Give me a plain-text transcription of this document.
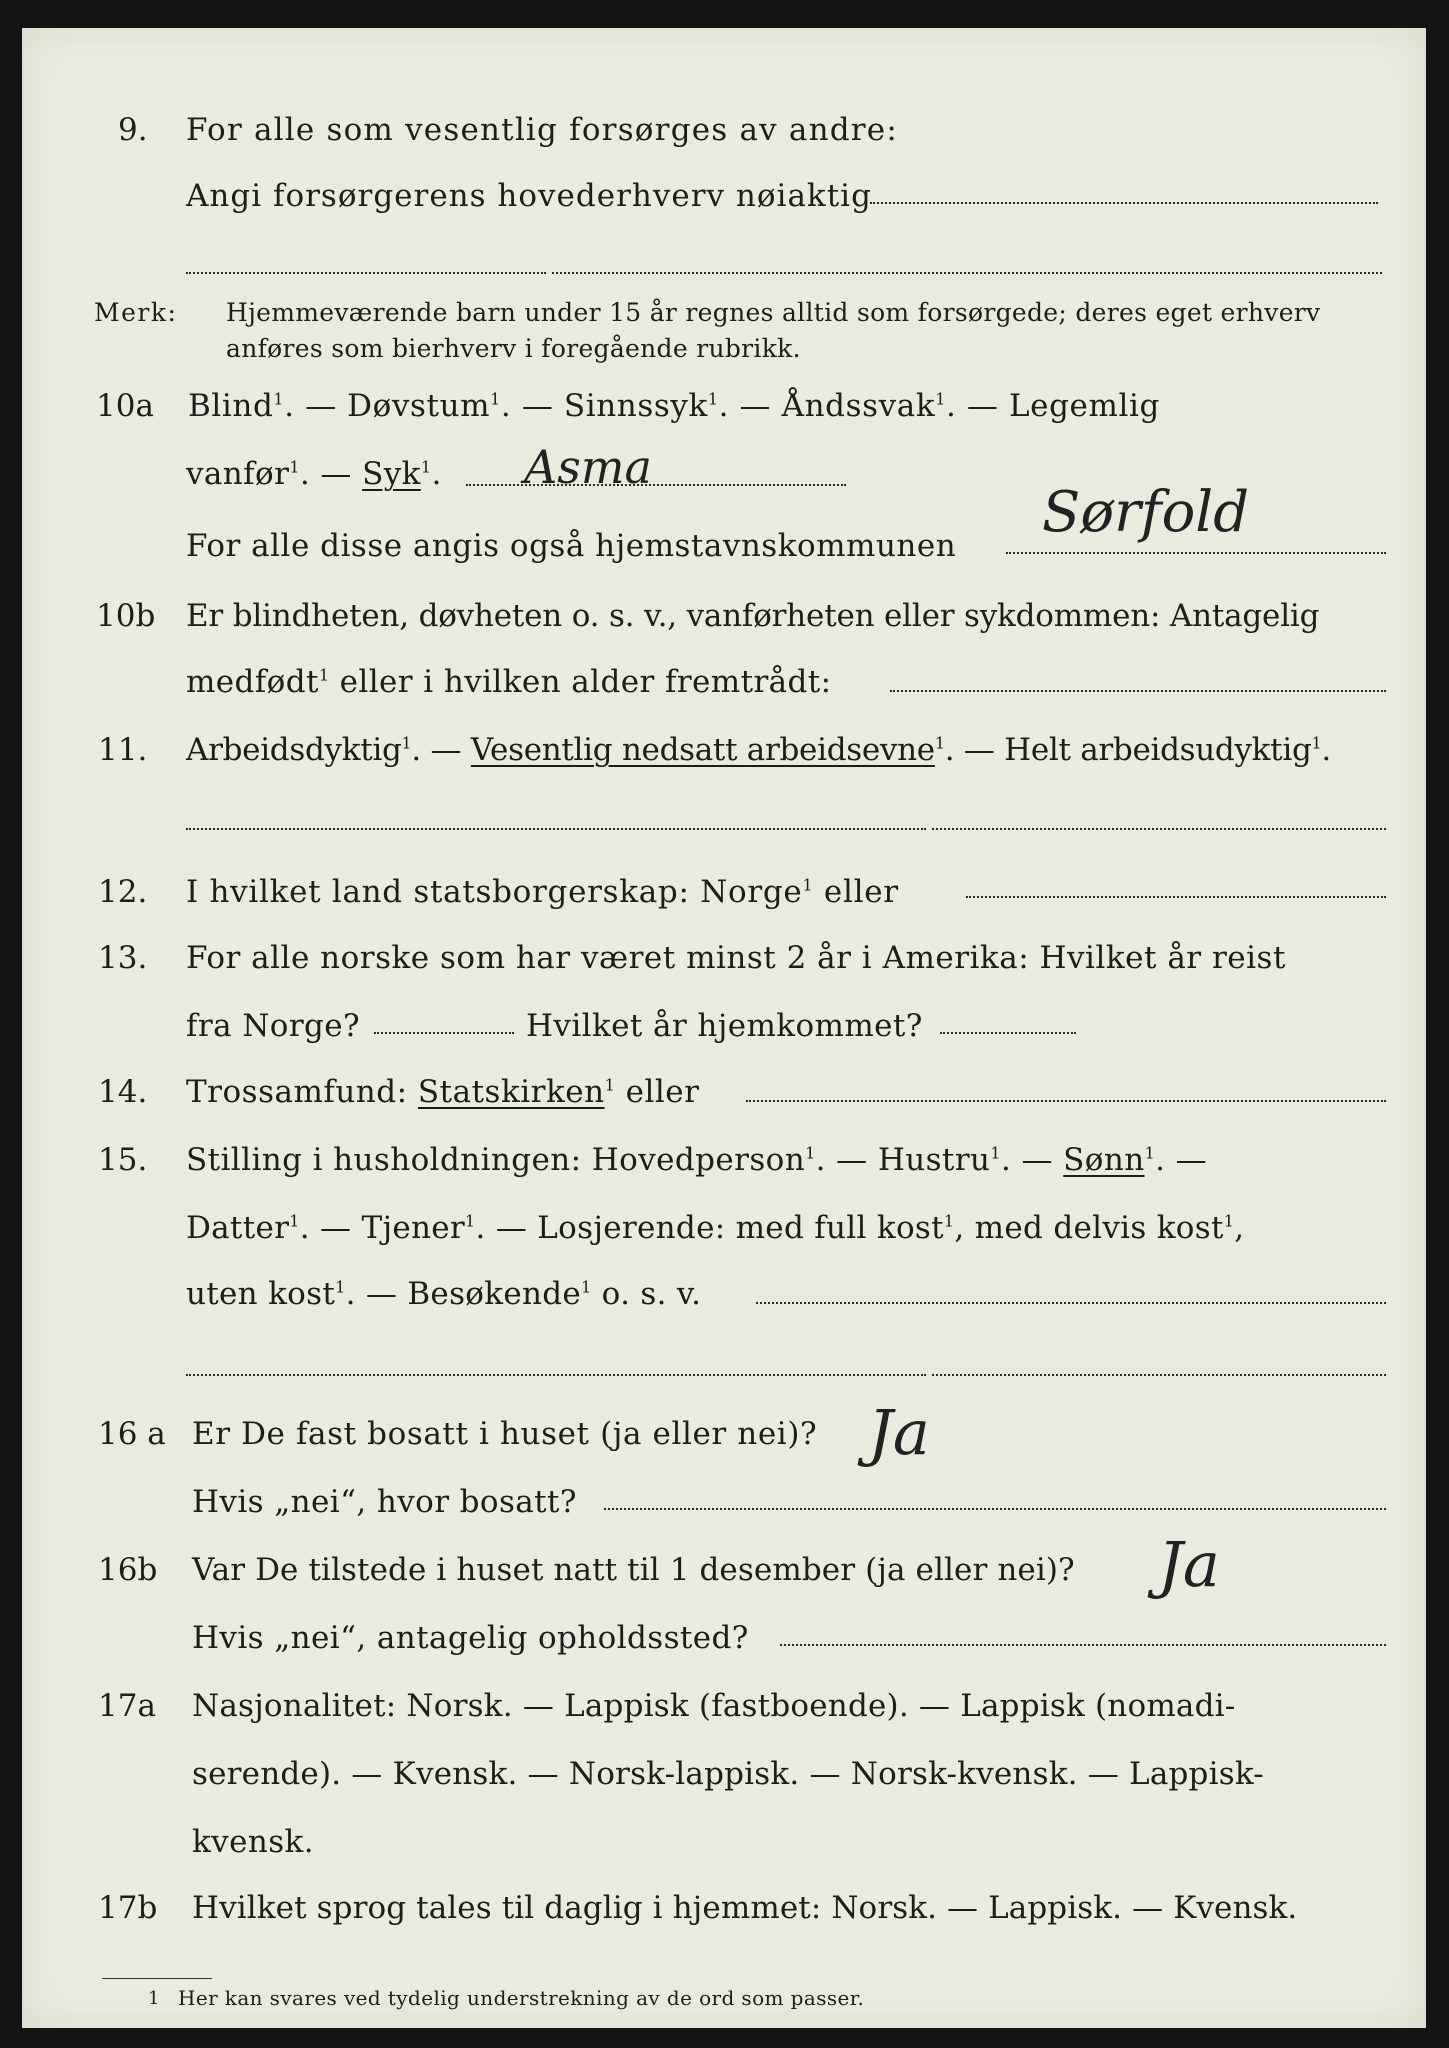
9. For alle som vesentlig forsørges av andre:
Angi forsørgerens hovederhverv nøiaktig
Merk: Hjemmeværende barn under 15 år regnes alltid som forsørgede; deres eget erhverv
anføres som bierhverv i foregående rubrikk.
10a Blind$^1$. — Døvstum$^1$. — Sinnssyk$^1$. — Åndssvak$^1$. — Legemlig
vanfør$^1$. — Syk$^1$. Asma
For alle disse angis også hjemstavnskommunen
Sørfold
10b Er blindheten, døvheten o. s. v., vanførheten eller sykdommen: Antagelig
medfødt$^1$ eller i hvilken alder fremtrådt:
11. Arbeidsdyktig$^1$. — Vesentlig nedsatt arbeidsevne$^1$. — Helt arbeidsudyktig$^1$.
12. I hvilket land statsborgerskap: Norge$^1$ eller
13. For alle norske som har været minst 2 år i Amerika: Hvilket år reist
fra Norge?	Hvilket år hjemkommet?
14. Trossamfund: Statskirken$^1$ eller
15. Stilling i husholdningen: Hovedperson$^1$. — Hustru$^1$. — Sønn$^1$. —
Datter$^1$. — Tjener$^1$. — Losjerende: med full kost$^1$, med delvis kost$^1$,
uten kost$^1$. — Besøkende$^1$ o. s. v.
16 a Er De fast bosatt i huset (ja eller nei)? Ja
Hvis „nei“, hvor bosatt?
16b Var De tilstede i huset natt til 1 desember (ja eller nei)? Ja
Hvis „nei“, antagelig opholdssted?
17a Nasjonalitet: Norsk. — Lappisk (fastboende). — Lappisk (nomadi-
serende). — Kvensk. — Norsk-lappisk. — Norsk-kvensk. — Lappisk-
kvensk.
17b Hvilket sprog tales til daglig i hjemmet: Norsk. — Lappisk. — Kvensk.
1 Her kan svares ved tydelig understrekning av de ord som passer.
